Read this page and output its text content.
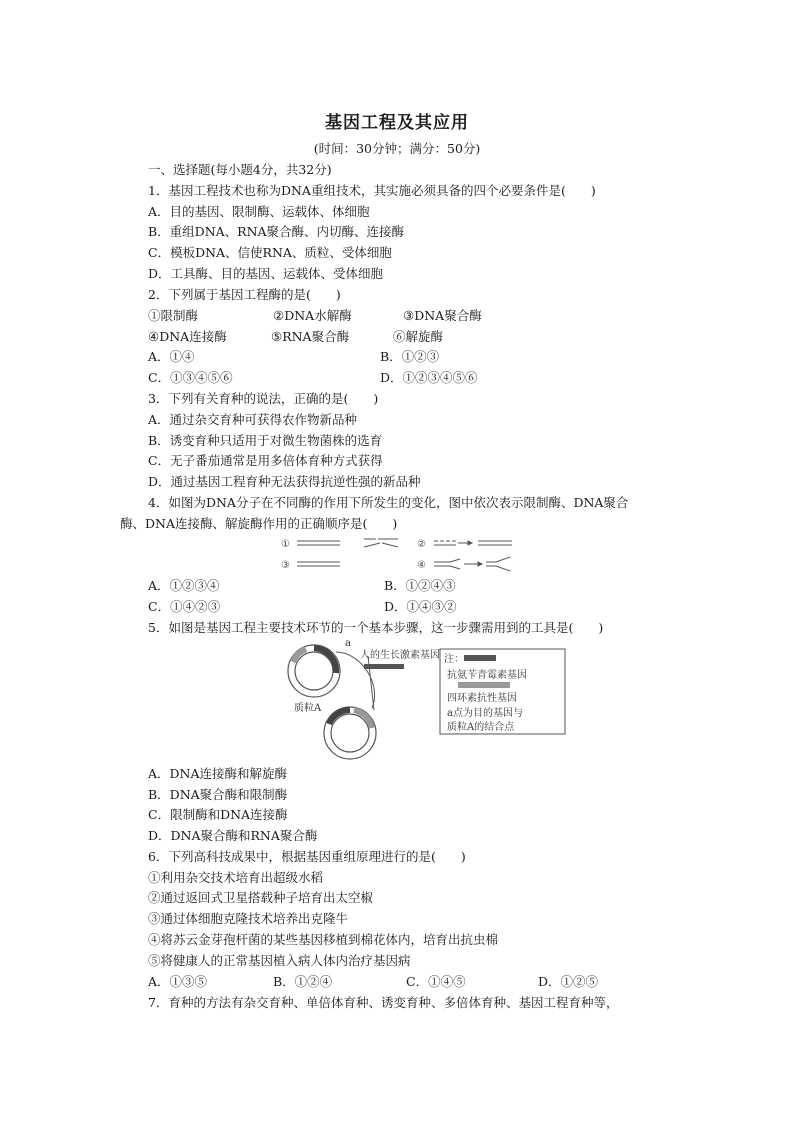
基因工程及其应用
(时间：30分钟；满分：50分)
一、选择题(每小题4分，共32分)
1．基因工程技术也称为DNA重组技术，其实施必须具备的四个必要条件是(　　)
A．目的基因、限制酶、运载体、体细胞
B．重组DNA、RNA聚合酶、内切酶、连接酶
C．模板DNA、信使RNA、质粒、受体细胞
D．工具酶、目的基因、运载体、受体细胞
2．下列属于基因工程酶的是(　　)
①限制酶	②DNA水解酶	③DNA聚合酶
④DNA连接酶	⑤RNA聚合酶	⑥解旋酶
A．①④	B．①②③
C．①③④⑤⑥	D．①②③④⑤⑥
3．下列有关育种的说法，正确的是(　　)
A．通过杂交育种可获得农作物新品种
B．诱变育种只适用于对微生物菌株的选育
C．无子番茄通常是用多倍体育种方式获得
D．通过基因工程育种无法获得抗逆性强的新品种
4．如图为DNA分子在不同酶的作用下所发生的变化，图中依次表示限制酶、DNA聚合
酶、DNA连接酶、解旋酶作用的正确顺序是(　　)
①	②
③	④
A．①②③④	B．①②④③
C．①④②③	D．①④③②
5．如图是基因工程主要技术环节的一个基本步骤，这一步骤需用到的工具是(　　)
a
人的生长激素基因
质粒A
注：
抗氨苄青霉素基因
四环素抗性基因
a点为目的基因与
质粒A的结合点
A．DNA连接酶和解旋酶
B．DNA聚合酶和限制酶
C．限制酶和DNA连接酶
D．DNA聚合酶和RNA聚合酶
6．下列高科技成果中，根据基因重组原理进行的是(　　)
①利用杂交技术培育出超级水稻
②通过返回式卫星搭载种子培育出太空椒
③通过体细胞克隆技术培养出克隆牛
④将苏云金芽孢杆菌的某些基因移植到棉花体内，培育出抗虫棉
⑤将健康人的正常基因植入病人体内治疗基因病
A．①③⑤	B．①②④	C．①④⑤	D．①②⑤
7．育种的方法有杂交育种、单倍体育种、诱变育种、多倍体育种、基因工程育种等，
